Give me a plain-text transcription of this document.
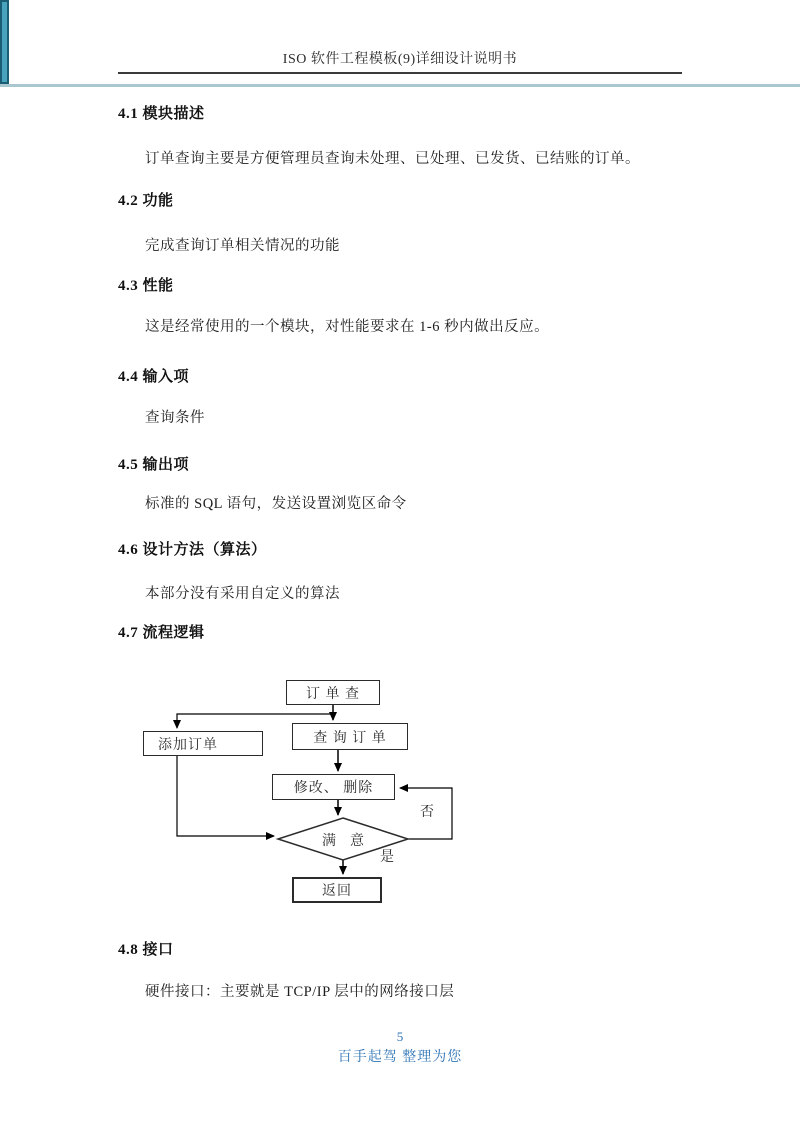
ISO 软件工程模板(9)详细设计说明书
4.1 模块描述
订单查询主要是方便管理员查询未处理、已处理、已发货、已结账的订单。
4.2 功能
完成查询订单相关情况的功能
4.3 性能
这是经常使用的一个模块，对性能要求在 1-6 秒内做出反应。
4.4 输入项
查询条件
4.5 输出项
标准的 SQL 语句，发送设置浏览区命令
4.6 设计方法（算法）
本部分没有采用自定义的算法
4.7 流程逻辑
订 单 查
添加订单	查 询 订 单
修改、 删除
满　意
返回
否
是
4.8 接口
硬件接口：主要就是 TCP/IP 层中的网络接口层
5
百手起驾 整理为您
